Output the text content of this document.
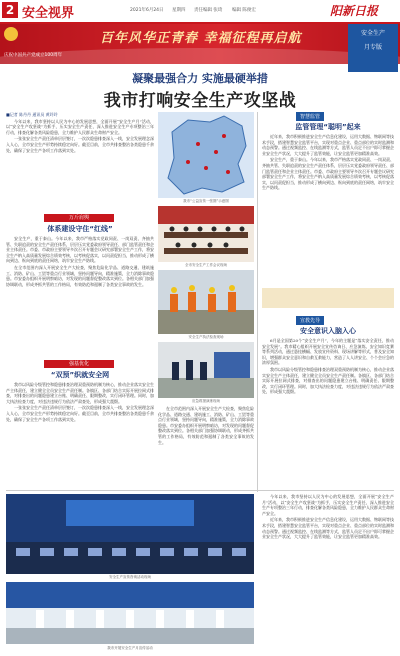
2 安全视界	2021年6月24日 星期四 责任编辑 张琦 编辑 陈俊宏	阳新日报
百年风华正青春 幸福征程再启航
庆祝中国共产党成立100周年
安全生产
月专版
凝聚最强合力 实施最硬举措
我市打响安全生产攻坚战

■记者 陈丹丹 通讯员 黄玲玲

今年以来，我市坚持以人民为中心的发展思想，全面开展“安全生产月”活动，以“安全生产攻坚战”为抓手，压实安全生产责任，深入推进安全生产专项整治三年行动，排查化解各类风险隐患，全力维护人民群众生命财产安全。

一张张安全生产责任清单层层签订，一次次隐患排查深入一线，安全发展理念深入人心，全市安全生产形势持续稳定向好。截至目前，全市共排查整治各类隐患千余处，确保了安全生产各项工作落到实处。

我市“公益宣传一张图”示意图
全市安全生产工作会议现场
安全生产执法检查现场
应急救援演练现场
万斤肩舆
体系建设守住“红线”

安全生产，重于泰山。今年以来，我市严格落实党政同责、一岗双责、齐抽共管、失职追责的安全生产责任体系，层层压实党委政府领导责任、部门监管责任和企业主体责任。市委、市政府主要领导多次召开专题会议研究部署安全生产工作，将安全生产纳入高质量发展综合绩效考核，以考核促落实，以问责促担当，推动形成了横向到边、纵向到底的责任网络，筑牢安全生产防线。

在全市范围内深入开展安全生产大检查，聚焦危险化学品、道路交通、建筑施工、消防、矿山、工贸等重点行业领域，坚持问题导向，精准施策，全力消除事故隐患。市安委办组织开展明察暗访，对发现的问题督促整改落实到位。各相关部门加强协调联动，形成齐抓共管的工作格局，有效防范和遏制了各类安全事故的发生。

强基优化
“双预”织就安全网

我市以风险分级管控和隐患排查治理双重预防机制为核心，推动企业落实安全生产主体责任，建立健全全员安全生产责任制。各镇区、各部门结合实际开展拉网式排查，对排查出的问题隐患建立台账、明确责任、限期整改，实行闭环管理。同时，加大执法检查力度，对违法违规行为依法严肃查处，形成强大震慑。

一张张安全生产责任清单层层签订，一次次隐患排查深入一线，安全发展理念深入人心，全市安全生产形势持续稳定向好。截至目前，全市共排查整治各类隐患千余处，确保了安全生产各项工作落到实处。

在全市范围内深入开展安全生产大检查，聚焦危险化学品、道路交通、建筑施工、消防、矿山、工贸等重点行业领域，坚持问题导向，精准施策，全力消除事故隐患。市安委办组织开展明察暗访，对发现的问题督促整改落实到位。各相关部门加强协调联动，形成齐抓共管的工作格局，有效防范和遏制了各类安全事故的发生。

智慧监管
监管管理“聪明”起来

近年来，我市积极推进安全生产信息化建设，运用大数据、物联网等技术手段，搭建智慧安全监管平台，实现对重点企业、重点部位的实时监测和动态预警。通过视频监控、在线监测等方式，监管人员足不出户即可掌握企业安全生产状况，大大提升了监管效能，让安全监管更加精准高效。

安全生产，重于泰山。今年以来，我市严格落实党政同责、一岗双责、齐抽共管、失职追责的安全生产责任体系，层层压实党委政府领导责任、部门监管责任和企业主体责任。市委、市政府主要领导多次召开专题会议研究部署安全生产工作，将安全生产纳入高质量发展综合绩效考核，以考核促落实，以问责促担当，推动形成了横向到边、纵向到底的责任网络，筑牢安全生产防线。

宣教先导
安全意识入脑入心

6月是全国第20个“安全生产月”，今年的主题是“落实安全责任，推动安全发展”。我市精心组织开展安全宣传咨询日、应急演练、安全知识竞赛等系列活动，通过悬挂横幅、发放宣传资料、现场讲解等形式，普及安全知识，增强群众安全意识和自救互救能力，营造了人人讲安全、个个会应急的浓厚氛围。

我市以风险分级管控和隐患排查治理双重预防机制为核心，推动企业落实安全生产主体责任，建立健全全员安全生产责任制。各镇区、各部门结合实际开展拉网式排查，对排查出的问题隐患建立台账、明确责任、限期整改，实行闭环管理。同时，加大执法检查力度，对违法违规行为依法严肃查处，形成强大震慑。

安全生产宣传咨询活动现场
我市开展安全生产月宣传活动

今年以来，我市坚持以人民为中心的发展思想，全面开展“安全生产月”活动，以“安全生产攻坚战”为抓手，压实安全生产责任，深入推进安全生产专项整治三年行动，排查化解各类风险隐患，全力维护人民群众生命财产安全。

近年来，我市积极推进安全生产信息化建设，运用大数据、物联网等技术手段，搭建智慧安全监管平台，实现对重点企业、重点部位的实时监测和动态预警。通过视频监控、在线监测等方式，监管人员足不出户即可掌握企业安全生产状况，大大提升了监管效能，让安全监管更加精准高效。
